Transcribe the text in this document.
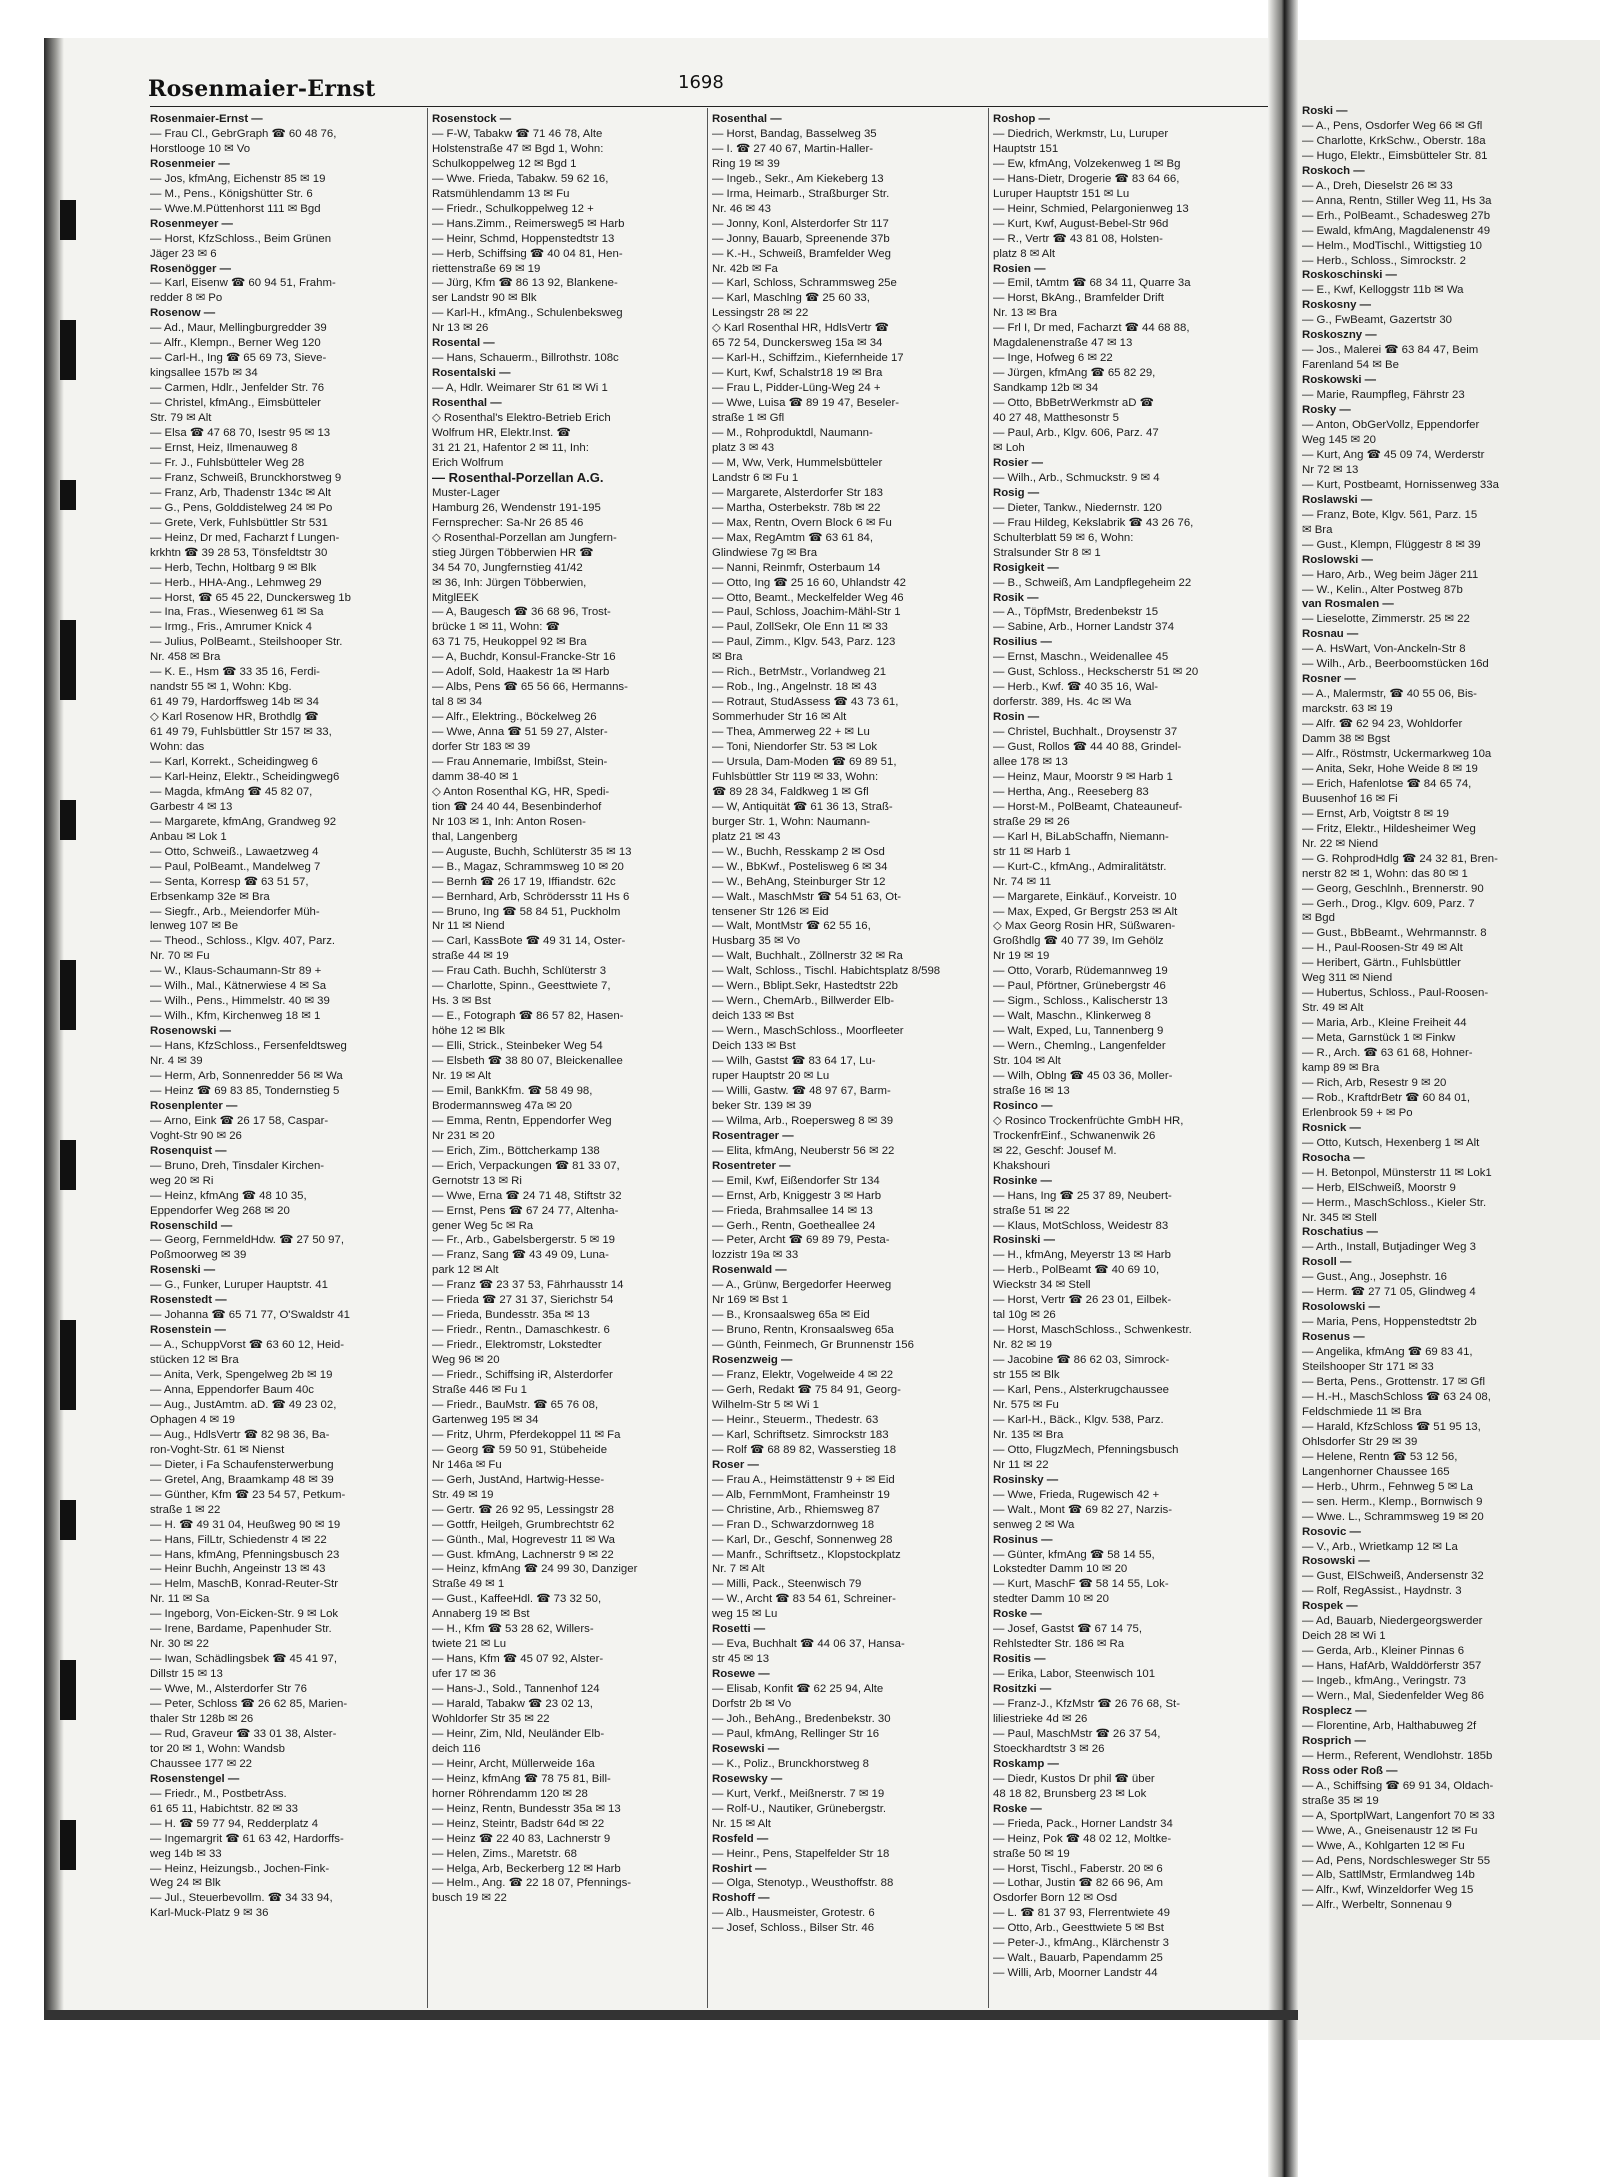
Rosenmaier-Ernst	1698
Rosenmaier-Ernst —
— Frau Cl., GebrGraph ☎ 60 48 76,
Horstlooge 10 ✉ Vo
Rosenmeier —
— Jos, kfmAng, Eichenstr 85 ✉ 19
— M., Pens., Königshütter Str. 6
— Wwe.M.Püttenhorst 111 ✉ Bgd
Rosenmeyer —
— Horst, KfzSchloss., Beim Grünen
Jäger 23 ✉ 6
Rosenögger —
— Karl, Eisenw ☎ 60 94 51, Frahm-
redder 8 ✉ Po
Rosenow —
— Ad., Maur, Mellingburgredder 39
— Alfr., Klempn., Berner Weg 120
— Carl-H., Ing ☎ 65 69 73, Sieve-
kingsallee 157b ✉ 34
— Carmen, Hdlr., Jenfelder Str. 76
— Christel, kfmAng., Eimsbütteler
Str. 79 ✉ Alt
— Elsa ☎ 47 68 70, Isestr 95 ✉ 13
— Ernst, Heiz, Ilmenauweg 8
— Fr. J., Fuhlsbütteler Weg 28
— Franz, Schweiß, Brunckhorstweg 9
— Franz, Arb, Thadenstr 134c ✉ Alt
— G., Pens, Golddistelweg 24 ✉ Po
— Grete, Verk, Fuhlsbüttler Str 531
— Heinz, Dr med, Facharzt f Lungen-
krkhtn ☎ 39 28 53, Tönsfeldtstr 30
— Herb, Techn, Holtbarg 9 ✉ Blk
— Herb., HHA-Ang., Lehmweg 29
— Horst, ☎ 65 45 22, Dunckersweg 1b
— Ina, Fras., Wiesenweg 61 ✉ Sa
— Irmg., Fris., Amrumer Knick 4
— Julius, PolBeamt., Steilshooper Str.
Nr. 458 ✉ Bra
— K. E., Hsm ☎ 33 35 16, Ferdi-
nandstr 55 ✉ 1, Wohn: Kbg.
61 49 79, Hardorffsweg 14b ✉ 34
◇ Karl Rosenow HR, Brothdlg ☎
61 49 79, Fuhlsbüttler Str 157 ✉ 33,
Wohn: das
— Karl, Korrekt., Scheidingweg 6
— Karl-Heinz, Elektr., Scheidingweg6
— Magda, kfmAng ☎ 45 82 07,
Garbestr 4 ✉ 13
— Margarete, kfmAng, Grandweg 92
Anbau ✉ Lok 1
— Otto, Schweiß., Lawaetzweg 4
— Paul, PolBeamt., Mandelweg 7
— Senta, Korresp ☎ 63 51 57,
Erbsenkamp 32e ✉ Bra
— Siegfr., Arb., Meiendorfer Müh-
lenweg 107 ✉ Be
— Theod., Schloss., Klgv. 407, Parz.
Nr. 70 ✉ Fu
— W., Klaus-Schaumann-Str 89 +
— Wilh., Mal., Kätnerwiese 4 ✉ Sa
— Wilh., Pens., Himmelstr. 40 ✉ 39
— Wilh., Kfm, Kirchenweg 18 ✉ 1
Rosenowski —
— Hans, KfzSchloss., Fersenfeldtsweg
Nr. 4 ✉ 39
— Herm, Arb, Sonnenredder 56 ✉ Wa
— Heinz ☎ 69 83 85, Tondernstieg 5
Rosenplenter —
— Arno, Eink ☎ 26 17 58, Caspar-
Voght-Str 90 ✉ 26
Rosenquist —
— Bruno, Dreh, Tinsdaler Kirchen-
weg 20 ✉ Ri
— Heinz, kfmAng ☎ 48 10 35,
Eppendorfer Weg 268 ✉ 20
Rosenschild —
— Georg, FernmeldHdw. ☎ 27 50 97,
Poßmoorweg ✉ 39
Rosenski —
— G., Funker, Luruper Hauptstr. 41
Rosenstedt —
— Johanna ☎ 65 71 77, O'Swaldstr 41
Rosenstein —
— A., SchuppVorst ☎ 63 60 12, Heid-
stücken 12 ✉ Bra
— Anita, Verk, Spengelweg 2b ✉ 19
— Anna, Eppendorfer Baum 40c
— Aug., JustAmtm. aD. ☎ 49 23 02,
Ophagen 4 ✉ 19
— Aug., HdlsVertr ☎ 82 98 36, Ba-
ron-Voght-Str. 61 ✉ Nienst
— Dieter, i Fa Schaufensterwerbung
— Gretel, Ang, Braamkamp 48 ✉ 39
— Günther, Kfm ☎ 23 54 57, Petkum-
straße 1 ✉ 22
— H. ☎ 49 31 04, Heußweg 90 ✉ 19
— Hans, FilLtr, Schiedenstr 4 ✉ 22
— Hans, kfmAng, Pfenningsbusch 23
— Heinr Buchh, Angeinstr 13 ✉ 43
— Helm, MaschB, Konrad-Reuter-Str
Nr. 11 ✉ Sa
— Ingeborg, Von-Eicken-Str. 9 ✉ Lok
— Irene, Bardame, Papenhuder Str.
Nr. 30 ✉ 22
— Iwan, Schädlingsbek ☎ 45 41 97,
Dillstr 15 ✉ 13
— Wwe, M., Alsterdorfer Str 76
— Peter, Schloss ☎ 26 62 85, Marien-
thaler Str 128b ✉ 26
— Rud, Graveur ☎ 33 01 38, Alster-
tor 20 ✉ 1, Wohn: Wandsb
Chaussee 177 ✉ 22
Rosenstengel —
— Friedr., M., PostbetrAss.
61 65 11, Habichtstr. 82 ✉ 33
— H. ☎ 59 77 94, Redderplatz 4
— Ingemargrit ☎ 61 63 42, Hardorffs-
weg 14b ✉ 33
— Heinz, Heizungsb., Jochen-Fink-
Weg 24 ✉ Blk
— Jul., Steuerbevollm. ☎ 34 33 94,
Karl-Muck-Platz 9 ✉ 36
Rosenstock —
— F-W, Tabakw ☎ 71 46 78, Alte
Holstenstraße 47 ✉ Bgd 1, Wohn:
Schulkoppelweg 12 ✉ Bgd 1
— Wwe. Frieda, Tabakw. 59 62 16,
Ratsmühlendamm 13 ✉ Fu
— Friedr., Schulkoppelweg 12 +
— Hans.Zimm., Reimersweg5 ✉ Harb
— Heinr, Schmd, Hoppenstedtstr 13
— Herb, Schiffsing ☎ 40 04 81, Hen-
riettenstraße 69 ✉ 19
— Jürg, Kfm ☎ 86 13 92, Blankene-
ser Landstr 90 ✉ Blk
— Karl-H., kfmAng., Schulenbeksweg
Nr 13 ✉ 26
Rosental —
— Hans, Schauerm., Billrothstr. 108c
Rosentalski —
— A, Hdlr. Weimarer Str 61 ✉ Wi 1
Rosenthal —
◇ Rosenthal's Elektro-Betrieb Erich
Wolfrum HR, Elektr.Inst. ☎
31 21 21, Hafentor 2 ✉ 11, Inh:
Erich Wolfrum
— Rosenthal-Porzellan A.G.
Muster-Lager
Hamburg 26, Wendenstr 191-195
Fernsprecher: Sa-Nr 26 85 46
◇ Rosenthal-Porzellan am Jungfern-
stieg Jürgen Többerwien HR ☎
34 54 70, Jungfernstieg 41/42
✉ 36, Inh: Jürgen Többerwien,
MitglEEK
— A, Baugesch ☎ 36 68 96, Trost-
brücke 1 ✉ 11, Wohn: ☎
63 71 75, Heukoppel 92 ✉ Bra
— A, Buchdr, Konsul-Francke-Str 16
— Adolf, Sold, Haakestr 1a ✉ Harb
— Albs, Pens ☎ 65 56 66, Hermanns-
tal 8 ✉ 34
— Alfr., Elektring., Böckelweg 26
— Wwe, Anna ☎ 51 59 27, Alster-
dorfer Str 183 ✉ 39
— Frau Annemarie, Imbißst, Stein-
damm 38-40 ✉ 1
◇ Anton Rosenthal KG, HR, Spedi-
tion ☎ 24 40 44, Besenbinderhof
Nr 103 ✉ 1, Inh: Anton Rosen-
thal, Langenberg
— Auguste, Buchh, Schlüterstr 35 ✉ 13
— B., Magaz, Schrammsweg 10 ✉ 20
— Bernh ☎ 26 17 19, Iffiandstr. 62c
— Bernhard, Arb, Schrödersstr 11 Hs 6
— Bruno, Ing ☎ 58 84 51, Puckholm
Nr 11 ✉ Niend
— Carl, KassBote ☎ 49 31 14, Oster-
straße 44 ✉ 19
— Frau Cath. Buchh, Schlüterstr 3
— Charlotte, Spinn., Geesttwiete 7,
Hs. 3 ✉ Bst
— E., Fotograph ☎ 86 57 82, Hasen-
höhe 12 ✉ Blk
— Elli, Strick., Steinbeker Weg 54
— Elsbeth ☎ 38 80 07, Bleickenallee
Nr. 19 ✉ Alt
— Emil, BankKfm. ☎ 58 49 98,
Brodermannsweg 47a ✉ 20
— Emma, Rentn, Eppendorfer Weg
Nr 231 ✉ 20
— Erich, Zim., Böttcherkamp 138
— Erich, Verpackungen ☎ 81 33 07,
Gernotstr 13 ✉ Ri
— Wwe, Erna ☎ 24 71 48, Stiftstr 32
— Ernst, Pens ☎ 67 24 77, Altenha-
gener Weg 5c ✉ Ra
— Fr., Arb., Gabelsbergerstr. 5 ✉ 19
— Franz, Sang ☎ 43 49 09, Luna-
park 12 ✉ Alt
— Franz ☎ 23 37 53, Fährhausstr 14
— Frieda ☎ 27 31 37, Sierichstr 54
— Frieda, Bundesstr. 35a ✉ 13
— Friedr., Rentn., Damaschkestr. 6
— Friedr., Elektromstr, Lokstedter
Weg 96 ✉ 20
— Friedr., Schiffsing iR, Alsterdorfer
Straße 446 ✉ Fu 1
— Friedr., BauMstr. ☎ 65 76 08,
Gartenweg 195 ✉ 34
— Fritz, Uhrm, Pferdekoppel 11 ✉ Fa
— Georg ☎ 59 50 91, Stübeheide
Nr 146a ✉ Fu
— Gerh, JustAnd, Hartwig-Hesse-
Str. 49 ✉ 19
— Gertr. ☎ 26 92 95, Lessingstr 28
— Gottfr, Heilgeh, Grumbrechtstr 62
— Günth., Mal, Hogrevestr 11 ✉ Wa
— Gust. kfmAng, Lachnerstr 9 ✉ 22
— Heinz, kfmAng ☎ 24 99 30, Danziger
Straße 49 ✉ 1
— Gust., KaffeeHdl. ☎ 73 32 50,
Annaberg 19 ✉ Bst
— H., Kfm ☎ 53 28 62, Willers-
twiete 21 ✉ Lu
— Hans, Kfm ☎ 45 07 92, Alster-
ufer 17 ✉ 36
— Hans-J., Sold., Tannenhof 124
— Harald, Tabakw ☎ 23 02 13,
Wohldorfer Str 35 ✉ 22
— Heinr, Zim, Nld, Neuländer Elb-
deich 116
— Heinr, Archt, Müllerweide 16a
— Heinz, kfmAng ☎ 78 75 81, Bill-
horner Röhrendamm 120 ✉ 28
— Heinz, Rentn, Bundesstr 35a ✉ 13
— Heinz, Steintr, Badstr 64d ✉ 22
— Heinz ☎ 22 40 83, Lachnerstr 9
— Helen, Zims., Maretstr. 68
— Helga, Arb, Beckerberg 12 ✉ Harb
— Helm., Ang. ☎ 22 18 07, Pfennings-
busch 19 ✉ 22
Rosenthal —
— Horst, Bandag, Basselweg 35
— I. ☎ 27 40 67, Martin-Haller-
Ring 19 ✉ 39
— Ingeb., Sekr., Am Kiekeberg 13
— Irma, Heimarb., Straßburger Str.
Nr. 46 ✉ 43
— Jonny, Konl, Alsterdorfer Str 117
— Jonny, Bauarb, Spreenende 37b
— K.-H., Schweiß, Bramfelder Weg
Nr. 42b ✉ Fa
— Karl, Schloss, Schrammsweg 25e
— Karl, Maschlng ☎ 25 60 33,
Lessingstr 28 ✉ 22
◇ Karl Rosenthal HR, HdlsVertr ☎
65 72 54, Dunckersweg 15a ✉ 34
— Karl-H., Schiffzim., Kiefernheide 17
— Kurt, Kwf, Schalstr18 19 ✉ Bra
— Frau L, Pidder-Lüng-Weg 24 +
— Wwe, Luisa ☎ 89 19 47, Beseler-
straße 1 ✉ Gfl
— M., Rohproduktdl, Naumann-
platz 3 ✉ 43
— M, Ww, Verk, Hummelsbütteler
Landstr 6 ✉ Fu 1
— Margarete, Alsterdorfer Str 183
— Martha, Osterbekstr. 78b ✉ 22
— Max, Rentn, Overn Block 6 ✉ Fu
— Max, RegAmtm ☎ 63 61 84,
Glindwiese 7g ✉ Bra
— Nanni, Reinmfr, Osterbaum 14
— Otto, Ing ☎ 25 16 60, Uhlandstr 42
— Otto, Beamt., Meckelfelder Weg 46
— Paul, Schloss, Joachim-Mähl-Str 1
— Paul, ZollSekr, Ole Enn 11 ✉ 33
— Paul, Zimm., Klgv. 543, Parz. 123
✉ Bra
— Rich., BetrMstr., Vorlandweg 21
— Rob., Ing., Angelnstr. 18 ✉ 43
— Rotraut, StudAssess ☎ 43 73 61,
Sommerhuder Str 16 ✉ Alt
— Thea, Ammerweg 22 + ✉ Lu
— Toni, Niendorfer Str. 53 ✉ Lok
— Ursula, Dam-Moden ☎ 69 89 51,
Fuhlsbüttler Str 119 ✉ 33, Wohn:
☎ 89 28 34, Faldkweg 1 ✉ Gfl
— W, Antiquität ☎ 61 36 13, Straß-
burger Str. 1, Wohn: Naumann-
platz 21 ✉ 43
— W., Buchh, Resskamp 2 ✉ Osd
— W., BbKwf., Postelisweg 6 ✉ 34
— W., BehAng, Steinburger Str 12
— Walt., MaschMstr ☎ 54 51 63, Ot-
tensener Str 126 ✉ Eid
— Walt, MontMstr ☎ 62 55 16,
Husbarg 35 ✉ Vo
— Walt, Buchhalt., Zöllnerstr 32 ✉ Ra
— Walt, Schloss., Tischl. Habichtsplatz 8/598
— Wern., Bblipt.Sekr, Hastedtstr 22b
— Wern., ChemArb., Billwerder Elb-
deich 133 ✉ Bst
— Wern., MaschSchloss., Moorfleeter
Deich 133 ✉ Bst
— Wilh, Gastst ☎ 83 64 17, Lu-
ruper Hauptstr 20 ✉ Lu
— Willi, Gastw. ☎ 48 97 67, Barm-
beker Str. 139 ✉ 39
— Wilma, Arb., Roepersweg 8 ✉ 39
Rosentrager —
— Elita, kfmAng, Neuberstr 56 ✉ 22
Rosentreter —
— Emil, Kwf, Eißendorfer Str 134
— Ernst, Arb, Kniggestr 3 ✉ Harb
— Frieda, Brahmsallee 14 ✉ 13
— Gerh., Rentn, Goetheallee 24
— Peter, Archt ☎ 69 89 79, Pesta-
lozzistr 19a ✉ 33
Rosenwald —
— A., Grünw, Bergedorfer Heerweg
Nr 169 ✉ Bst 1
— B., Kronsaalsweg 65a ✉ Eid
— Bruno, Rentn, Kronsaalsweg 65a
— Günth, Feinmech, Gr Brunnenstr 156
Rosenzweig —
— Franz, Elektr, Vogelweide 4 ✉ 22
— Gerh, Redakt ☎ 75 84 91, Georg-
Wilhelm-Str 5 ✉ Wi 1
— Heinr., Steuerm., Thedestr. 63
— Karl, Schriftsetz. Simrockstr 183
— Rolf ☎ 68 89 82, Wasserstieg 18
Roser —
— Frau A., Heimstättenstr 9 + ✉ Eid
— Alb, FernmMont, Framheinstr 19
— Christine, Arb., Rhiemsweg 87
— Fran D., Schwarzdornweg 18
— Karl, Dr., Geschf, Sonnenweg 28
— Manfr., Schriftsetz., Klopstockplatz
Nr. 7 ✉ Alt
— Milli, Pack., Steenwisch 79
— W., Archt ☎ 83 54 61, Schreiner-
weg 15 ✉ Lu
Rosetti —
— Eva, Buchhalt ☎ 44 06 37, Hansa-
str 45 ✉ 13
Rosewe —
— Elisab, Konfit ☎ 62 25 94, Alte
Dorfstr 2b ✉ Vo
— Joh., BehAng., Bredenbekstr. 30
— Paul, kfmAng, Rellinger Str 16
Rosewski —
— K., Poliz., Brunckhorstweg 8
Rosewsky —
— Kurt, Verkf., Meißnerstr. 7 ✉ 19
— Rolf-U., Nautiker, Grünebergstr.
Nr. 15 ✉ Alt
Rosfeld —
— Heinr., Pens, Stapelfelder Str 18
Roshirt —
— Olga, Stenotyp., Weusthoffstr. 88
Roshoff —
— Alb., Hausmeister, Grotestr. 6
— Josef, Schloss., Bilser Str. 46
Roshop —
— Diedrich, Werkmstr, Lu, Luruper
Hauptstr 151
— Ew, kfmAng, Volzekenweg 1 ✉ Bg
— Hans-Dietr, Drogerie ☎ 83 64 66,
Luruper Hauptstr 151 ✉ Lu
— Heinr, Schmied, Pelargonienweg 13
— Kurt, Kwf, August-Bebel-Str 96d
— R., Vertr ☎ 43 81 08, Holsten-
platz 8 ✉ Alt
Rosien —
— Emil, tAmtm ☎ 68 34 11, Quarre 3a
— Horst, BkAng., Bramfelder Drift
Nr. 13 ✉ Bra
— Frl I, Dr med, Facharzt ☎ 44 68 88,
Magdalenenstraße 47 ✉ 13
— Inge, Hofweg 6 ✉ 22
— Jürgen, kfmAng ☎ 65 82 29,
Sandkamp 12b ✉ 34
— Otto, BbBetrWerkmstr aD ☎
40 27 48, Matthesonstr 5
— Paul, Arb., Klgv. 606, Parz. 47
✉ Loh
Rosier —
— Wilh., Arb., Schmuckstr. 9 ✉ 4
Rosig —
— Dieter, Tankw., Niedernstr. 120
— Frau Hildeg, Kekslabrik ☎ 43 26 76,
Schulterblatt 59 ✉ 6, Wohn:
Stralsunder Str 8 ✉ 1
Rosigkeit —
— B., Schweiß, Am Landpflegeheim 22
Rosik —
— A., TöpfMstr, Bredenbekstr 15
— Sabine, Arb., Horner Landstr 374
Rosilius —
— Ernst, Maschn., Weidenallee 45
— Gust, Schloss., Heckscherstr 51 ✉ 20
— Herb., Kwf. ☎ 40 35 16, Wal-
dorferstr. 389, Hs. 4c ✉ Wa
Rosin —
— Christel, Buchhalt., Droysenstr 37
— Gust, Rollos ☎ 44 40 88, Grindel-
allee 178 ✉ 13
— Heinz, Maur, Moorstr 9 ✉ Harb 1
— Hertha, Ang., Reeseberg 83
— Horst-M., PolBeamt, Chateauneuf-
straße 29 ✉ 26
— Karl H, BiLabSchaffn, Niemann-
str 11 ✉ Harb 1
— Kurt-C., kfmAng., Admiralitätstr.
Nr. 74 ✉ 11
— Margarete, Einkäuf., Korveistr. 10
— Max, Exped, Gr Bergstr 253 ✉ Alt
◇ Max Georg Rosin HR, Süßwaren-
Großhdlg ☎ 40 77 39, Im Gehölz
Nr 19 ✉ 19
— Otto, Vorarb, Rüdemannweg 19
— Paul, Pförtner, Grünebergstr 46
— Sigm., Schloss., Kalischerstr 13
— Walt, Maschn., Klinkerweg 8
— Walt, Exped, Lu, Tannenberg 9
— Wern., Chemlng., Langenfelder
Str. 104 ✉ Alt
— Wilh, Oblng ☎ 45 03 36, Moller-
straße 16 ✉ 13
Rosinco —
◇ Rosinco Trockenfrüchte GmbH HR,
TrockenfrEinf., Schwanenwik 26
✉ 22, Geschf: Jousef M.
Khakshouri
Rosinke —
— Hans, Ing ☎ 25 37 89, Neubert-
straße 51 ✉ 22
— Klaus, MotSchloss, Weidestr 83
Rosinski —
— H., kfmAng, Meyerstr 13 ✉ Harb
— Herb., PolBeamt ☎ 40 69 10,
Wieckstr 34 ✉ Stell
— Horst, Vertr ☎ 26 23 01, Eilbek-
tal 10g ✉ 26
— Horst, MaschSchloss., Schwenkestr.
Nr. 82 ✉ 19
— Jacobine ☎ 86 62 03, Simrock-
str 155 ✉ Blk
— Karl, Pens., Alsterkrugchaussee
Nr. 575 ✉ Fu
— Karl-H., Bäck., Klgv. 538, Parz.
Nr. 135 ✉ Bra
— Otto, FlugzMech, Pfenningsbusch
Nr 11 ✉ 22
Rosinsky —
— Wwe, Frieda, Rugewisch 42 +
— Walt., Mont ☎ 69 82 27, Narzis-
senweg 2 ✉ Wa
Rosinus —
— Günter, kfmAng ☎ 58 14 55,
Lokstedter Damm 10 ✉ 20
— Kurt, MaschF ☎ 58 14 55, Lok-
stedter Damm 10 ✉ 20
Roske —
— Josef, Gastst ☎ 67 14 75,
Rehlstedter Str. 186 ✉ Ra
Rositis —
— Erika, Labor, Steenwisch 101
Rositzki —
— Franz-J., KfzMstr ☎ 26 76 68, St-
liliestrieke 4d ✉ 26
— Paul, MaschMstr ☎ 26 37 54,
Stoeckhardtstr 3 ✉ 26
Roskamp —
— Diedr, Kustos Dr phil ☎ über
48 18 82, Brunsberg 23 ✉ Lok
Roske —
— Frieda, Pack., Horner Landstr 34
— Heinz, Pok ☎ 48 02 12, Moltke-
straße 50 ✉ 19
— Horst, Tischl., Faberstr. 20 ✉ 6
— Lothar, Justin ☎ 82 66 96, Am
Osdorfer Born 12 ✉ Osd
— L. ☎ 81 37 93, Flerrentwiete 49
— Otto, Arb., Geesttwiete 5 ✉ Bst
— Peter-J., kfmAng., Klärchenstr 3
— Walt., Bauarb, Papendamm 25
— Willi, Arb, Moorner Landstr 44
Roski —
— A., Pens, Osdorfer Weg 66 ✉ Gfl
— Charlotte, KrkSchw., Oberstr. 18a
— Hugo, Elektr., Eimsbütteler Str. 81
Roskoch —
— A., Dreh, Dieselstr 26 ✉ 33
— Anna, Rentn, Stiller Weg 11, Hs 3a
— Erh., PolBeamt., Schadesweg 27b
— Ewald, kfmAng, Magdalenenstr 49
— Helm., ModTischl., Wittigstieg 10
— Herb., Schloss., Simrockstr. 2
Roskoschinski —
— E., Kwf, Kelloggstr 11b ✉ Wa
Roskosny —
— G., FwBeamt, Gazertstr 30
Roskoszny —
— Jos., Malerei ☎ 63 84 47, Beim
Farenland 54 ✉ Be
Roskowski —
— Marie, Raumpfleg, Fährstr 23
Rosky —
— Anton, ObGerVollz, Eppendorfer
Weg 145 ✉ 20
— Kurt, Ang ☎ 45 09 74, Werderstr
Nr 72 ✉ 13
— Kurt, Postbeamt, Hornissenweg 33a
Roslawski —
— Franz, Bote, Klgv. 561, Parz. 15
✉ Bra
— Gust., Klempn, Flüggestr 8 ✉ 39
Roslowski —
— Haro, Arb., Weg beim Jäger 211
— W., Kelin., Alter Postweg 87b
van Rosmalen —
— Lieselotte, Zimmerstr. 25 ✉ 22
Rosnau —
— A. HsWart, Von-Anckeln-Str 8
— Wilh., Arb., Beerboomstücken 16d
Rosner —
— A., Malermstr, ☎ 40 55 06, Bis-
marckstr. 63 ✉ 19
— Alfr. ☎ 62 94 23, Wohldorfer
Damm 38 ✉ Bgst
— Alfr., Röstmstr, Uckermarkweg 10a
— Anita, Sekr, Hohe Weide 8 ✉ 19
— Erich, Hafenlotse ☎ 84 65 74,
Buusenhof 16 ✉ Fi
— Ernst, Arb, Voigtstr 8 ✉ 19
— Fritz, Elektr., Hildesheimer Weg
Nr. 22 ✉ Niend
— G. RohprodHdlg ☎ 24 32 81, Bren-
nerstr 82 ✉ 1, Wohn: das 80 ✉ 1
— Georg, Geschlnh., Brennerstr. 90
— Gerh., Drog., Klgv. 609, Parz. 7
✉ Bgd
— Gust., BbBeamt., Wehrmannstr. 8
— H., Paul-Roosen-Str 49 ✉ Alt
— Heribert, Gärtn., Fuhlsbüttler
Weg 311 ✉ Niend
— Hubertus, Schloss., Paul-Roosen-
Str. 49 ✉ Alt
— Maria, Arb., Kleine Freiheit 44
— Meta, Garnstück 1 ✉ Finkw
— R., Arch. ☎ 63 61 68, Hohner-
kamp 89 ✉ Bra
— Rich, Arb, Resestr 9 ✉ 20
— Rob., KraftdrBetr ☎ 60 84 01,
Erlenbrook 59 + ✉ Po
Rosnick —
— Otto, Kutsch, Hexenberg 1 ✉ Alt
Rosocha —
— H. Betonpol, Münsterstr 11 ✉ Lok1
— Herb, ElSchweiß, Moorstr 9
— Herm., MaschSchloss., Kieler Str.
Nr. 345 ✉ Stell
Roschatius —
— Arth., Install, Butjadinger Weg 3
Rosoll —
— Gust., Ang., Josephstr. 16
— Herm. ☎ 27 71 05, Glindweg 4
Rosolowski —
— Maria, Pens, Hoppenstedtstr 2b
Rosenus —
— Angelika, kfmAng ☎ 69 83 41,
Steilshooper Str 171 ✉ 33
— Berta, Pens., Grottenstr. 17 ✉ Gfl
— H.-H., MaschSchloss ☎ 63 24 08,
Feldschmiede 11 ✉ Bra
— Harald, KfzSchloss ☎ 51 95 13,
Ohlsdorfer Str 29 ✉ 39
— Helene, Rentn ☎ 53 12 56,
Langenhorner Chaussee 165
— Herb., Uhrm., Fehnweg 5 ✉ La
— sen. Herm., Klemp., Bornwisch 9
— Wwe. L., Schrammsweg 19 ✉ 20
Rosovic —
— V., Arb., Wrietkamp 12 ✉ La
Rosowski —
— Gust, ElSchweiß, Andersenstr 32
— Rolf, RegAssist., Haydnstr. 3
Rospek —
— Ad, Bauarb, Niedergeorgswerder
Deich 28 ✉ Wi 1
— Gerda, Arb., Kleiner Pinnas 6
— Hans, HafArb, Walddörferstr 357
— Ingeb., kfmAng., Veringstr. 73
— Wern., Mal, Siedenfelder Weg 86
Rosplecz —
— Florentine, Arb, Halthabuweg 2f
Rosprich —
— Herm., Referent, Wendlohstr. 185b
Ross oder Roß —
— A., Schiffsing ☎ 69 91 34, Oldach-
straße 35 ✉ 19
— A, SportplWart, Langenfort 70 ✉ 33
— Wwe, A., Gneisenaustr 12 ✉ Fu
— Wwe, A., Kohlgarten 12 ✉ Fu
— Ad, Pens, Nordschlesweger Str 55
— Alb, SattlMstr, Ermlandweg 14b
— Alfr., Kwf, Winzeldorfer Weg 15
— Alfr., Werbeltr, Sonnenau 9
